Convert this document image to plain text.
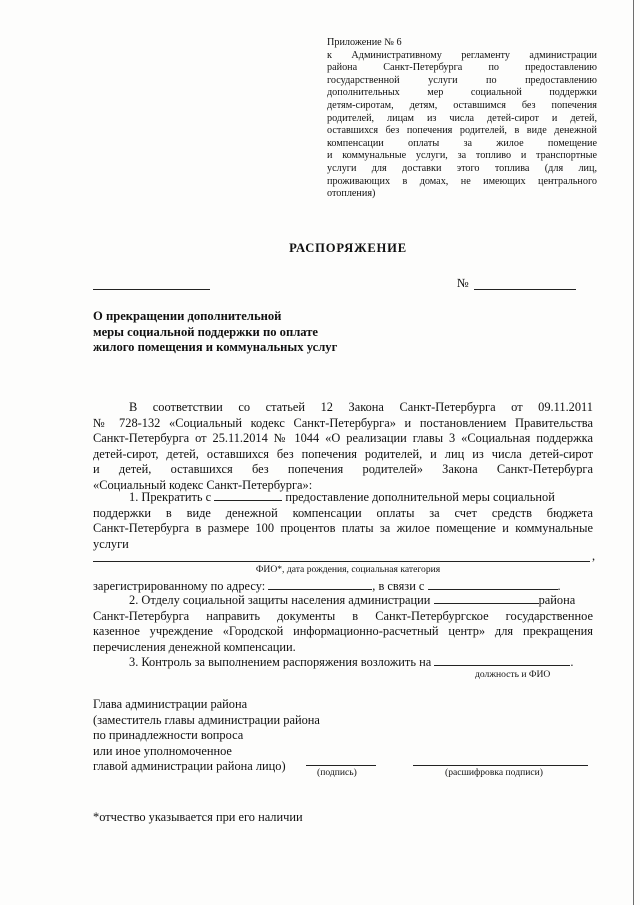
Приложение № 6
к Административному регламенту администрации
района Санкт-Петербурга по предоставлению
государственной услуги по предоставлению
дополнительных мер социальной поддержки
детям-сиротам, детям, оставшимся без попечения
родителей, лицам из числа детей-сирот и детей,
оставшихся без попечения родителей, в виде денежной
компенсации оплаты за жилое помещение
и коммунальные услуги, за топливо и транспортные
услуги для доставки этого топлива (для лиц,
проживающих в домах, не имеющих центрального
отопления)
РАСПОРЯЖЕНИЕ
№
О прекращении дополнительной
меры социальной поддержки по оплате
жилого помещения и коммунальных услуг
В соответствии со статьей 12 Закона Санкт-Петербурга от 09.11.2011
№ 728-132 «Социальный кодекс Санкт-Петербурга» и постановлением Правительства
Санкт-Петербурга от 25.11.2014 № 1044 «О реализации главы 3 «Социальная поддержка
детей-сирот, детей, оставшихся без попечения родителей, и лиц из числа детей-сирот
и детей, оставшихся без попечения родителей» Закона Санкт-Петербурга
«Социальный кодекс Санкт-Петербурга»:
1. Прекратить с	предоставление дополнительной меры социальной
поддержки в виде денежной компенсации оплаты за счет средств бюджета
Санкт-Петербурга в размере 100 процентов платы за жилое помещение и коммунальные
услуги
,
ФИО*, дата рождения, социальная категория
зарегистрированному по адресу:	, в связи с	.
2. Отделу социальной защиты населения администрации	района
Санкт-Петербурга направить документы в Санкт-Петербургское государственное
казенное учреждение «Городской информационно-расчетный центр» для прекращения
перечисления денежной компенсации.
3. Контроль за выполнением распоряжения возложить на	.
должность и ФИО
Глава администрации района
(заместитель главы администрации района
по принадлежности вопроса
или иное уполномоченное
главой администрации района лицо)	(подпись)	(расшифровка подписи)
*отчество указывается при его наличии
